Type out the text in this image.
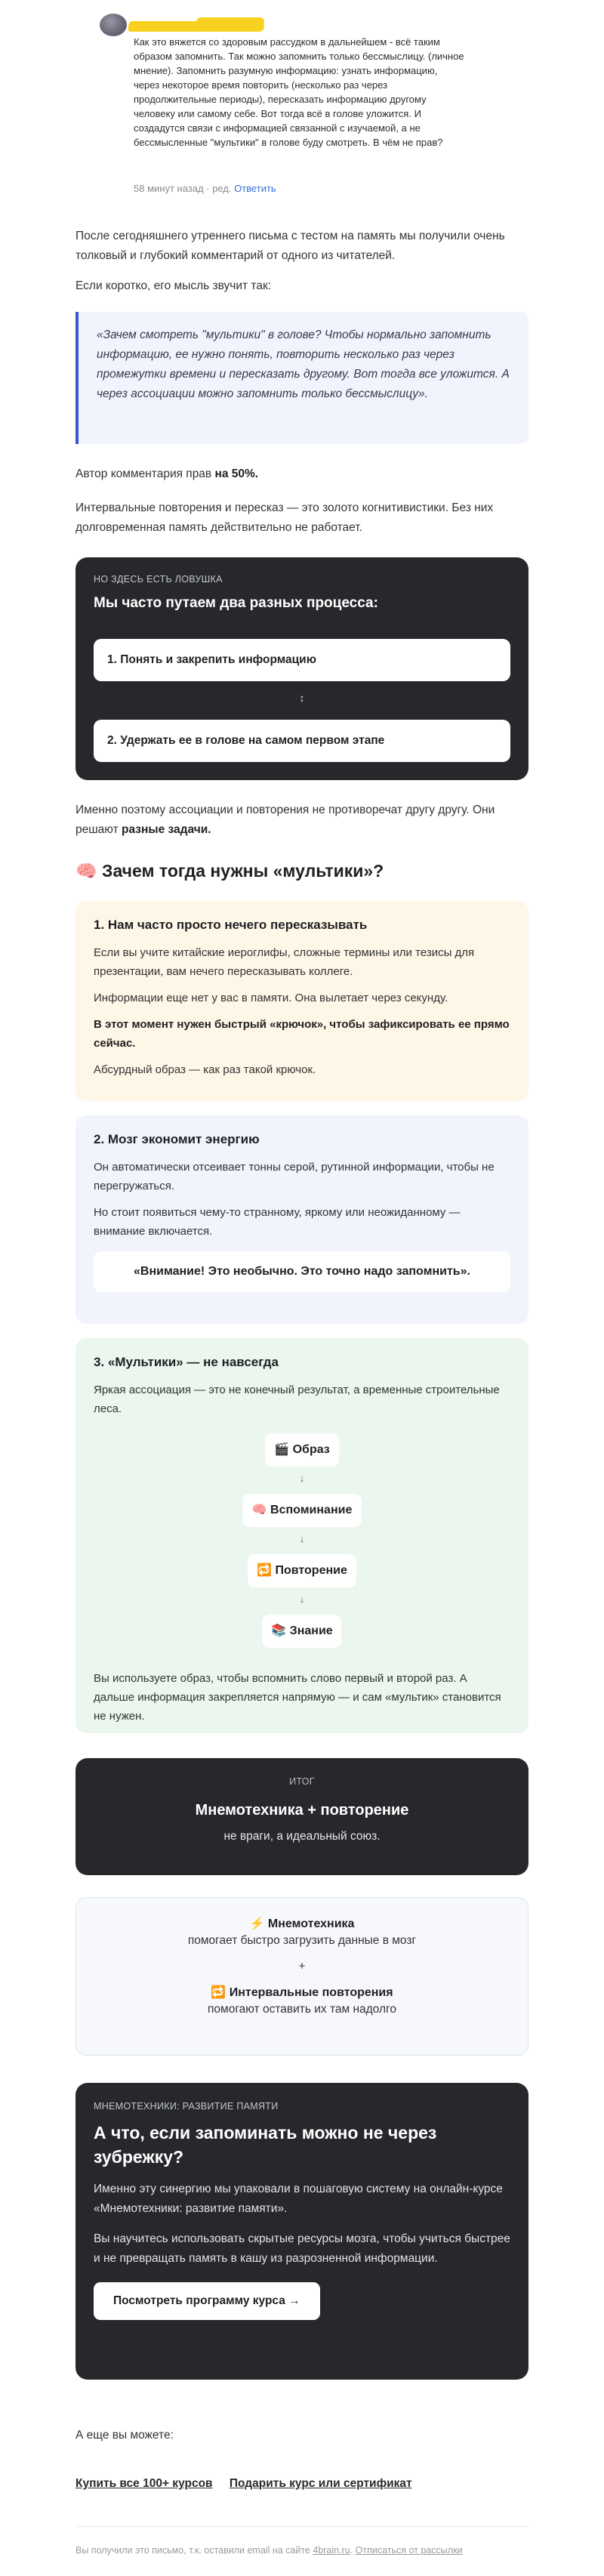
Как это вяжется со здоровым рассудком в дальнейшем - всё таким образом запомнить. Так можно запомнить только бессмыслицу. (личное мнение). Запомнить разумную информацию: узнать информацию, через некоторое время повторить (несколько раз через продолжительные периоды), пересказать информацию другому человеку или самому себе. Вот тогда всё в голове уложится. И создадутся связи с информацией связанной с изучаемой, а не бессмысленные "мультики" в голове буду смотреть. В чём не прав?
58 минут назад · ред. Ответить

После сегодняшнего утреннего письма с тестом на память мы получили очень толковый и глубокий комментарий от одного из читателей.

Если коротко, его мысль звучит так:

«Зачем смотреть "мультики" в голове? Чтобы нормально запомнить информацию, ее нужно понять, повторить несколько раз через промежутки времени и пересказать другому. Вот тогда все уложится. А через ассоциации можно запомнить только бессмыслицу».

Автор комментария прав на 50%.

Интервальные повторения и пересказ — это золото когнитивистики. Без них долговременная память действительно не работает.

НО ЗДЕСЬ ЕСТЬ ЛОВУШКА
Мы часто путаем два разных процесса:
1. Понять и закрепить информацию
↕
2. Удержать ее в голове на самом первом этапе

Именно поэтому ассоциации и повторения не противоречат другу другу. Они решают разные задачи.

🧠 Зачем тогда нужны «мультики»?
1. Нам часто просто нечего пересказывать

Если вы учите китайские иероглифы, сложные термины или тезисы для презентации, вам нечего пересказывать коллеге.

Информации еще нет у вас в памяти. Она вылетает через секунду.

В этот момент нужен быстрый «крючок», чтобы зафиксировать ее прямо сейчас.

Абсурдный образ — как раз такой крючок.

2. Мозг экономит энергию

Он автоматически отсеивает тонны серой, рутинной информации, чтобы не перегружаться.

Но стоит появиться чему-то странному, яркому или неожиданному — внимание включается.

«Внимание! Это необычно. Это точно надо запомнить».
3. «Мультики» — не навсегда

Яркая ассоциация — это не конечный результат, а временные строительные леса.

🎬 Образ
↓
🧠 Вспоминание
↓
🔁 Повторение
↓
📚 Знание

Вы используете образ, чтобы вспомнить слово первый и второй раз. А дальше информация закрепляется напрямую — и сам «мультик» становится не нужен.

ИТОГ
Мнемотехника + повторение
не враги, а идеальный союз.
⚡ Мнемотехника
помогает быстро загрузить данные в мозг
+
🔁 Интервальные повторения
помогают оставить их там надолго
МНЕМОТЕХНИКИ: РАЗВИТИЕ ПАМЯТИ
А что, если запоминать можно не через зубрежку?

Именно эту синергию мы упаковали в пошаговую систему на онлайн-курсе «Мнемотехники: развитие памяти».

Вы научитесь использовать скрытые ресурсы мозга, чтобы учиться быстрее и не превращать память в кашу из разрозненной информации.

Посмотреть программу курса →
А еще вы можете:
Купить все 100+ курсов Подарить курс или сертификат
Вы получили это письмо, т.к. оставили email на сайте 4brain.ru. Отписаться от рассылки
